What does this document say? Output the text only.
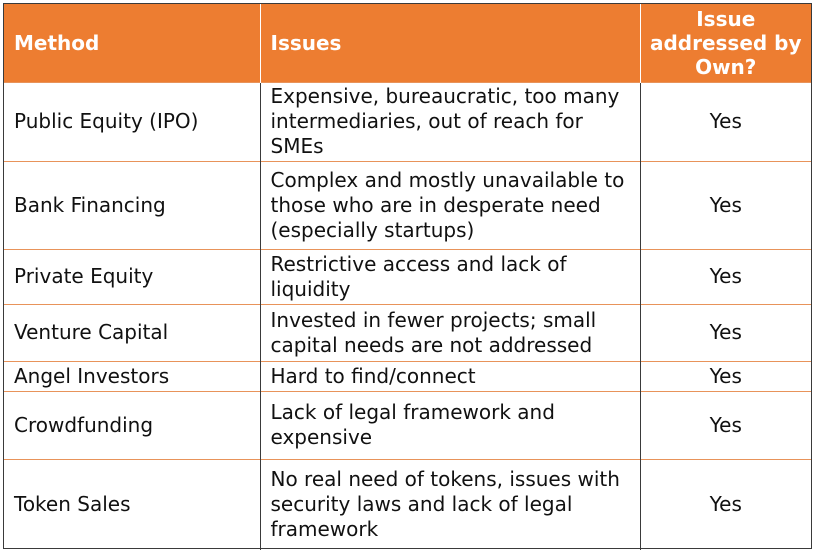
Method	Issues	Issue addressed by Own?
Public Equity (IPO)	Expensive, bureaucratic, too many intermediaries, out of reach for SMEs	Yes
Bank Financing	Complex and mostly unavailable to those who are in desperate need (especially startups)	Yes
Private Equity	Restrictive access and lack of liquidity	Yes
Venture Capital	Invested in fewer projects; small capital needs are not addressed	Yes
Angel Investors	Hard to find/connect	Yes
Crowdfunding	Lack of legal framework and expensive	Yes
Token Sales	No real need of tokens, issues with security laws and lack of legal framework	Yes
